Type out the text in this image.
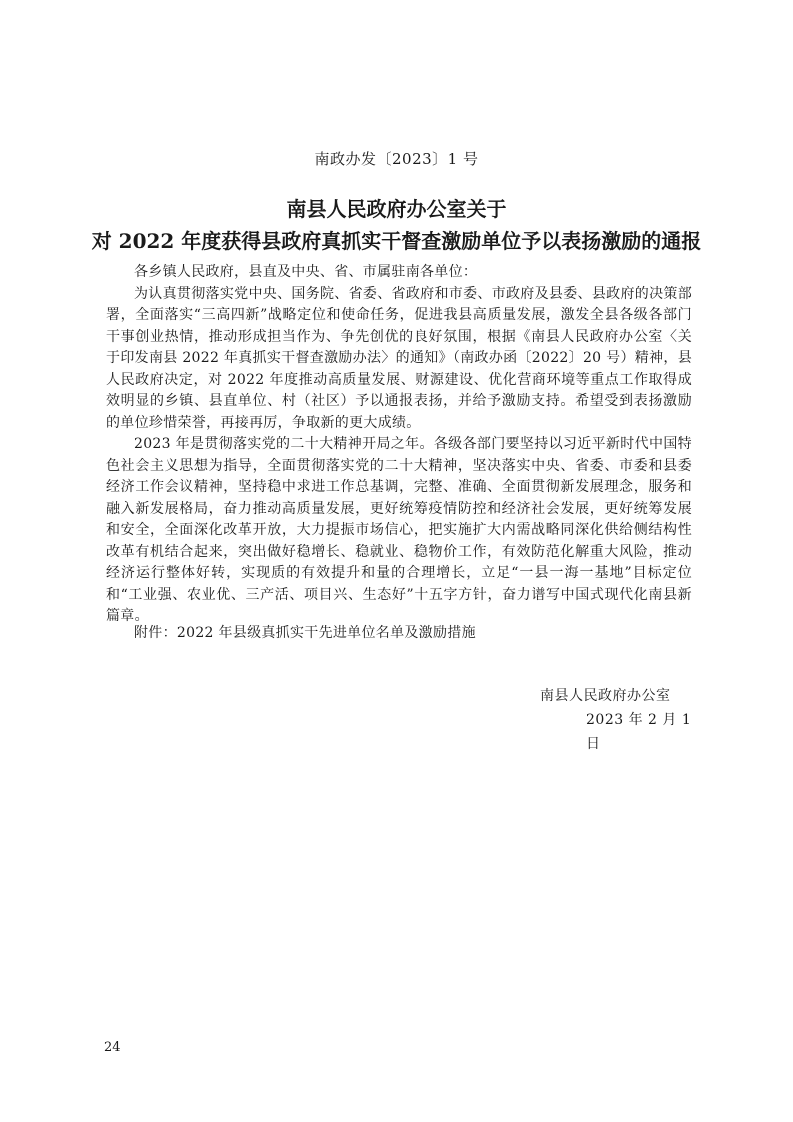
南政办发〔2023〕1 号
南县人民政府办公室关于
对 2022 年度获得县政府真抓实干督查激励单位予以表扬激励的通报

各乡镇人民政府，县直及中央、省、市属驻南各单位：

为认真贯彻落实党中央、国务院、省委、省政府和市委、市政府及县委、县政府的决策部署，全面落实“三高四新”战略定位和使命任务，促进我县高质量发展，激发全县各级各部门干事创业热情，推动形成担当作为、争先创优的良好氛围，根据《南县人民政府办公室〈关于印发南县 2022 年真抓实干督查激励办法〉的通知》（南政办函〔2022〕20 号）精神，县人民政府决定，对 2022 年度推动高质量发展、财源建设、优化营商环境等重点工作取得成效明显的乡镇、县直单位、村（社区）予以通报表扬，并给予激励支持。希望受到表扬激励的单位珍惜荣誉，再接再厉，争取新的更大成绩。

2023 年是贯彻落实党的二十大精神开局之年。各级各部门要坚持以习近平新时代中国特色社会主义思想为指导，全面贯彻落实党的二十大精神，坚决落实中央、省委、市委和县委经济工作会议精神，坚持稳中求进工作总基调，完整、准确、全面贯彻新发展理念，服务和融入新发展格局，奋力推动高质量发展，更好统筹疫情防控和经济社会发展，更好统筹发展和安全，全面深化改革开放，大力提振市场信心，把实施扩大内需战略同深化供给侧结构性改革有机结合起来，突出做好稳增长、稳就业、稳物价工作，有效防范化解重大风险，推动经济运行整体好转，实现质的有效提升和量的合理增长，立足“一县一海一基地”目标定位和“工业强、农业优、三产活、项目兴、生态好”十五字方针，奋力谱写中国式现代化南县新篇章。

附件：2022 年县级真抓实干先进单位名单及激励措施
南县人民政府办公室
2023 年 2 月 1 日
24
